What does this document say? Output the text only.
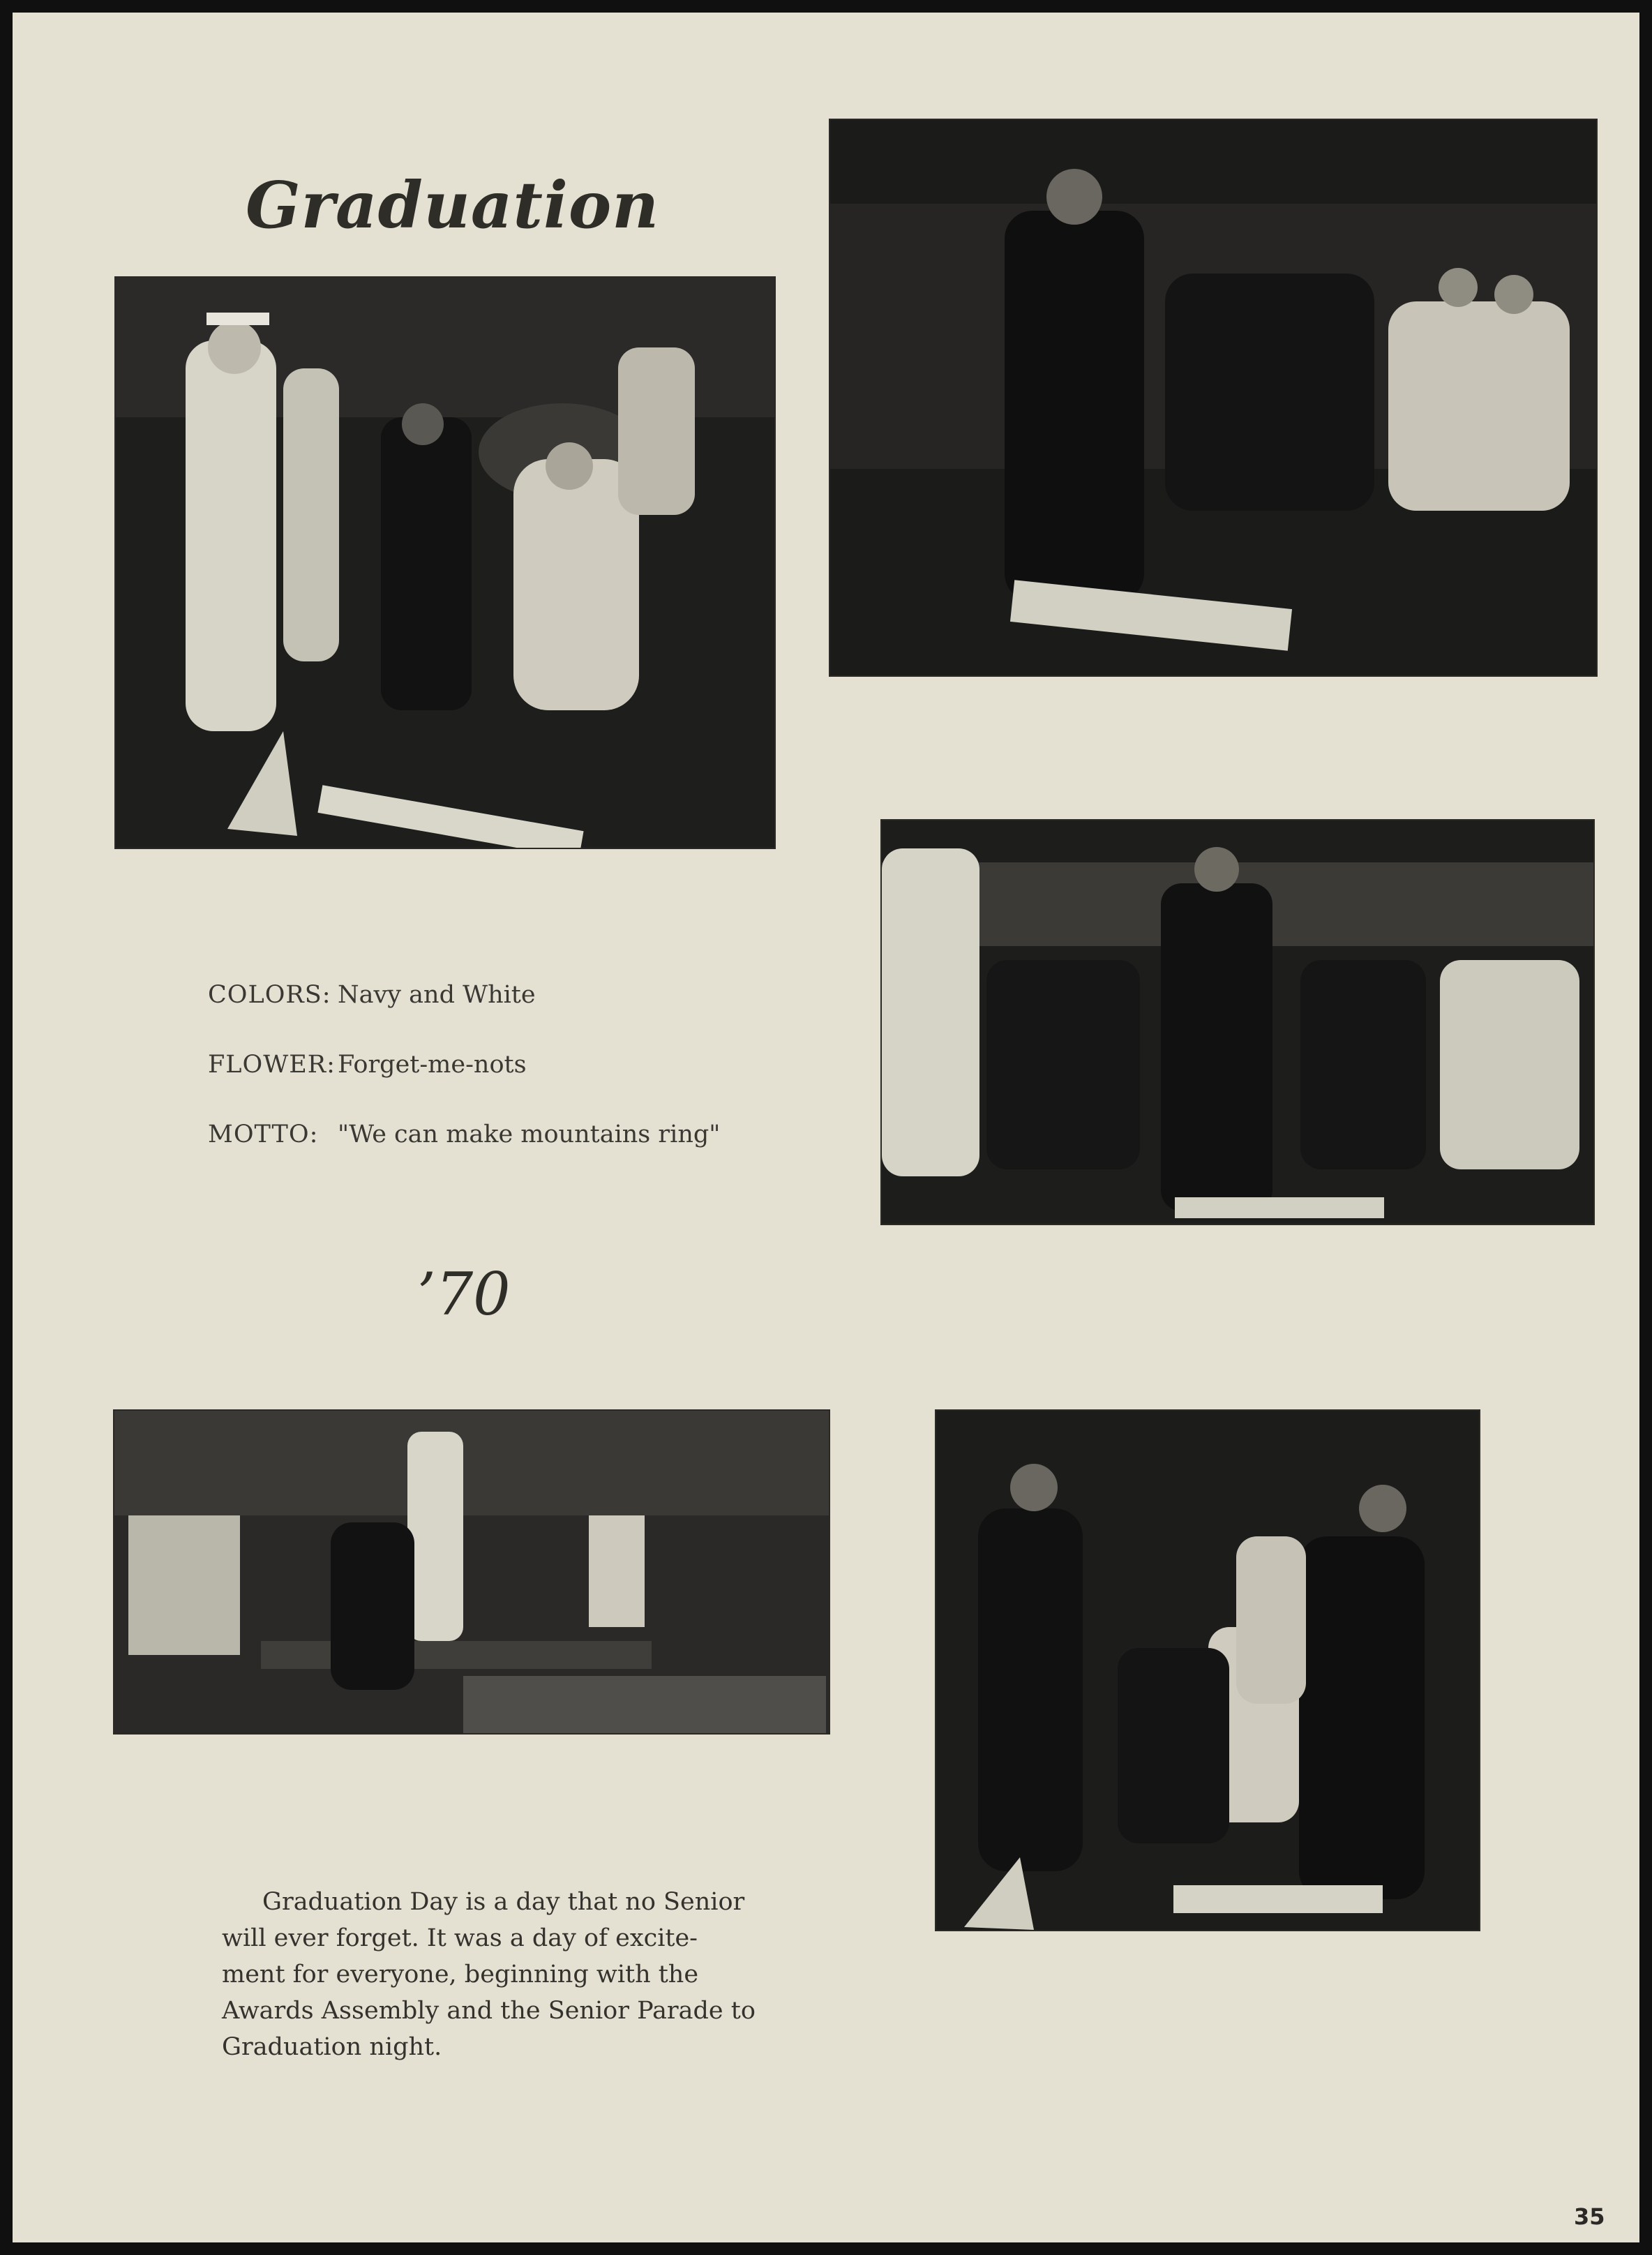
Graduation
COLORS: Navy and White
FLOWER:Forget-me-nots
MOTTO: "We can make mountains ring"
’70

Graduation Day is a day that no Senior
will ever forget. It was a day of excite-
ment for everyone, beginning with the
Awards Assembly and the Senior Parade to
Graduation night.

35
